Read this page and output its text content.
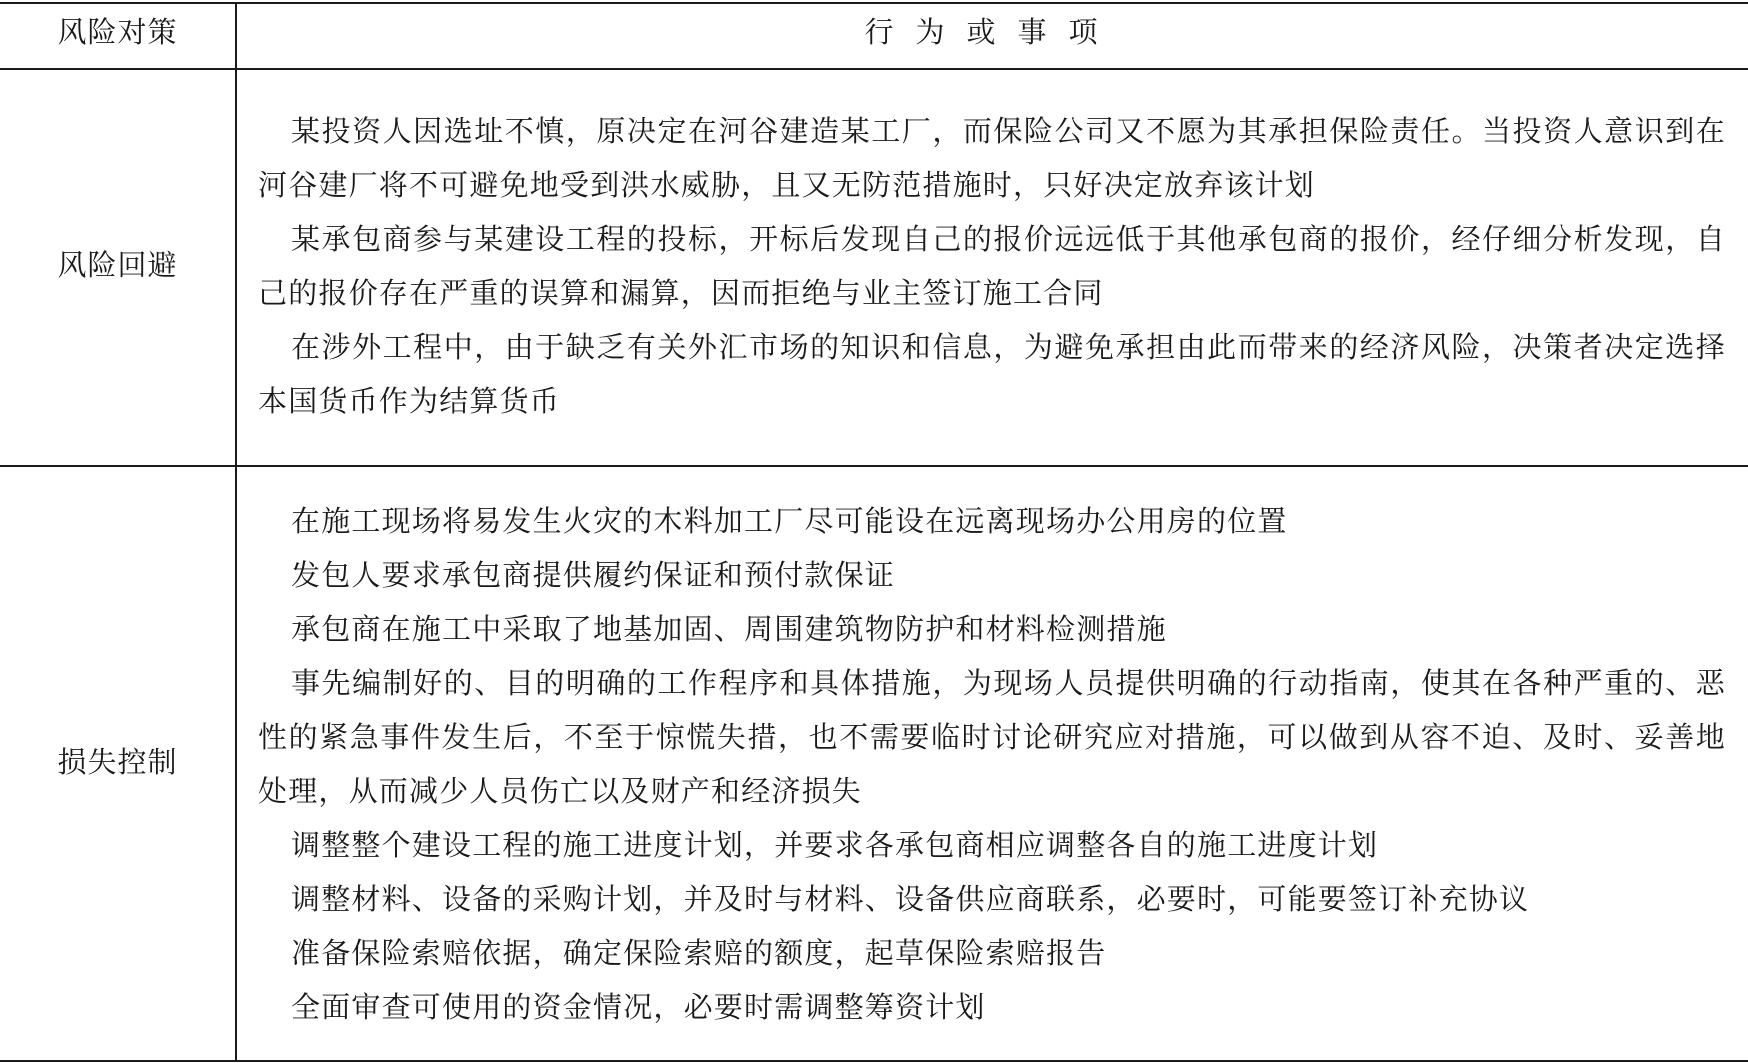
风险对策	行为或事项
风险回避

某投资人因选址不慎，原决定在河谷建造某工厂，而保险公司又不愿为其承担保险责任。当投资人意识到在河谷建厂将不可避免地受到洪水威胁，且又无防范措施时，只好决定放弃该计划

某承包商参与某建设工程的投标，开标后发现自己的报价远远低于其他承包商的报价，经仔细分析发现，自己的报价存在严重的误算和漏算，因而拒绝与业主签订施工合同

在涉外工程中，由于缺乏有关外汇市场的知识和信息，为避免承担由此而带来的经济风险，决策者决定选择本国货币作为结算货币

损失控制

在施工现场将易发生火灾的木料加工厂尽可能设在远离现场办公用房的位置

发包人要求承包商提供履约保证和预付款保证

承包商在施工中采取了地基加固、周围建筑物防护和材料检测措施

事先编制好的、目的明确的工作程序和具体措施，为现场人员提供明确的行动指南，使其在各种严重的、恶性的紧急事件发生后，不至于惊慌失措，也不需要临时讨论研究应对措施，可以做到从容不迫、及时、妥善地处理，从而减少人员伤亡以及财产和经济损失

调整整个建设工程的施工进度计划，并要求各承包商相应调整各自的施工进度计划

调整材料、设备的采购计划，并及时与材料、设备供应商联系，必要时，可能要签订补充协议

准备保险索赔依据，确定保险索赔的额度，起草保险索赔报告

全面审查可使用的资金情况，必要时需调整筹资计划
